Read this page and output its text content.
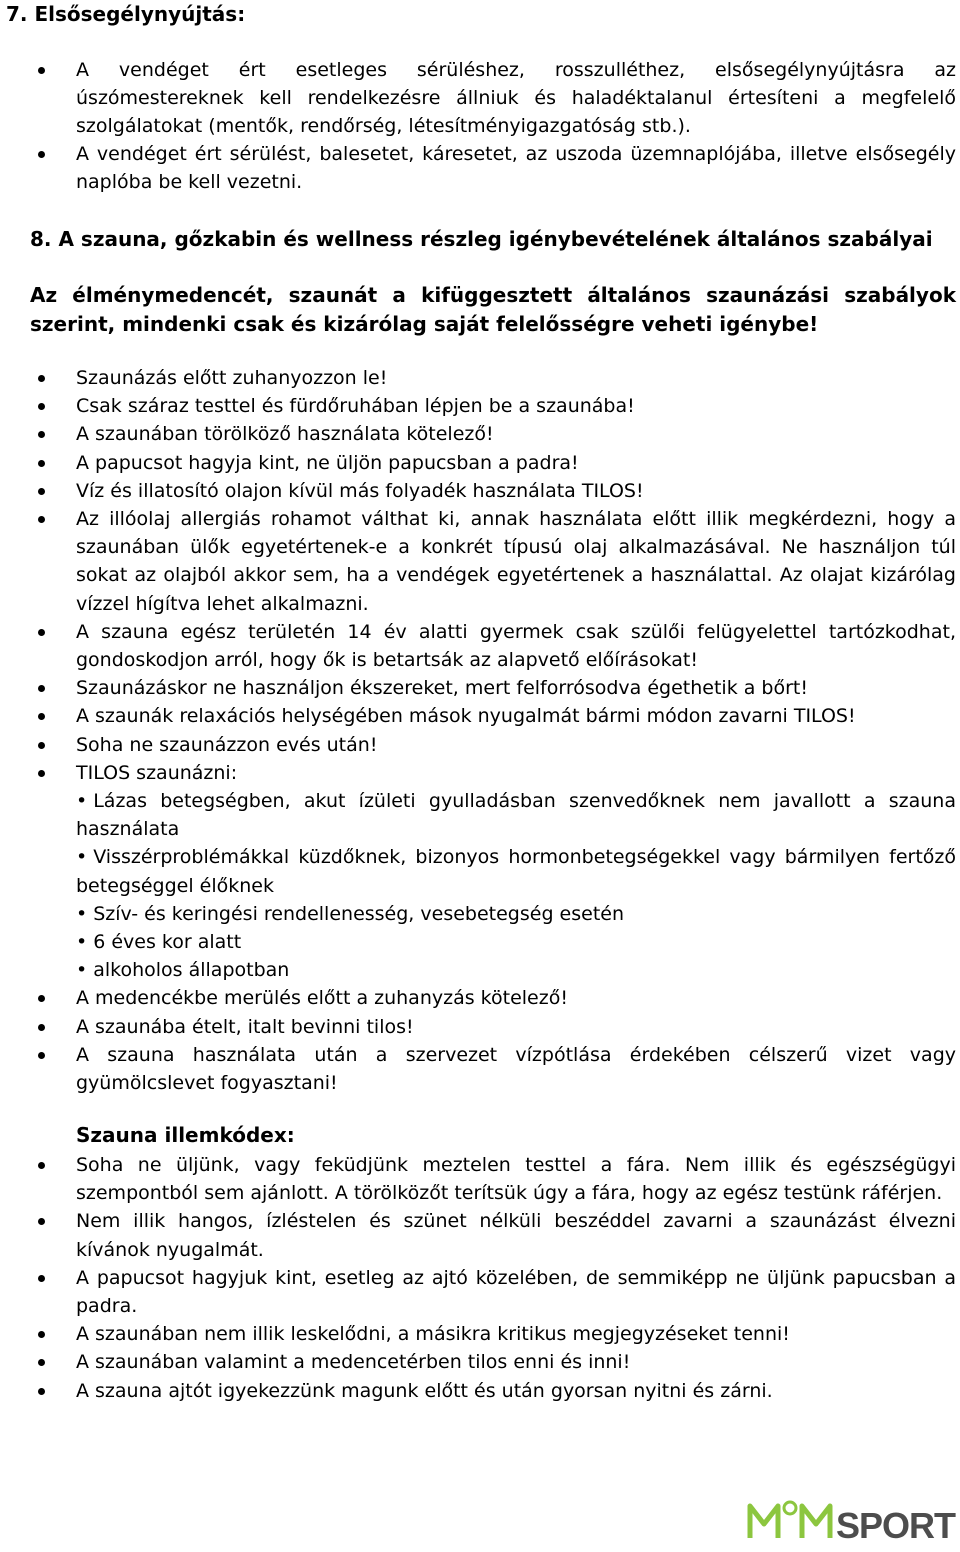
7. Elsősegélynyújtás:
A vendéget ért esetleges sérüléshez, rosszulléthez, elsősegélynyújtásra az úszómestereknek kell rendelkezésre állniuk és haladéktalanul értesíteni a megfelelő szolgálatokat (mentők, rendőrség, létesítményigazgatóság stb.).
A vendéget ért sérülést, balesetet, káresetet, az uszoda üzemnaplójába, illetve elsősegély naplóba be kell vezetni.
8. A szauna, gőzkabin és wellness részleg igénybevételének általános szabályai
Az élménymedencét, szaunát a kifüggesztett általános szaunázási szabályok szerint, mindenki csak és kizárólag saját felelősségre veheti igénybe!
Szaunázás előtt zuhanyozzon le!
Csak száraz testtel és fürdőruhában lépjen be a szaunába!
A szaunában törölköző használata kötelező!
A papucsot hagyja kint, ne üljön papucsban a padra!
Víz és illatosító olajon kívül más folyadék használata TILOS!
Az illóolaj allergiás rohamot válthat ki, annak használata előtt illik megkérdezni, hogy a szaunában ülők egyetértenek-e a konkrét típusú olaj alkalmazásával. Ne használjon túl sokat az olajból akkor sem, ha a vendégek egyetértenek a használattal. Az olajat kizárólag vízzel hígítva lehet alkalmazni.
A szauna egész területén 14 év alatti gyermek csak szülői felügyelettel tartózkodhat, gondoskodjon arról, hogy ők is betartsák az alapvető előírásokat!
Szaunázáskor ne használjon ékszereket, mert felforrósodva égethetik a bőrt!
A szaunák relaxációs helységében mások nyugalmát bármi módon zavarni TILOS!
Soha ne szaunázzon evés után!
TILOS szaunázni:
• Lázas betegségben, akut ízületi gyulladásban szenvedőknek nem javallott a szauna használata
• Visszérproblémákkal küzdőknek, bizonyos hormonbetegségekkel vagy bármilyen fertőző betegséggel élőknek
• Szív- és keringési rendellenesség, vesebetegség esetén
• 6 éves kor alatt
• alkoholos állapotban
A medencékbe merülés előtt a zuhanyzás kötelező!
A szaunába ételt, italt bevinni tilos!
A szauna használata után a szervezet vízpótlása érdekében célszerű vizet vagy gyümölcslevet fogyasztani!
Szauna illemkódex:
Soha ne üljünk, vagy feküdjünk meztelen testtel a fára. Nem illik és egészségügyi szempontból sem ajánlott. A törölközőt terítsük úgy a fára, hogy az egész testünk ráférjen.
Nem illik hangos, ízléstelen és szünet nélküli beszéddel zavarni a szaunázást élvezni kívánok nyugalmát.
A papucsot hagyjuk kint, esetleg az ajtó közelében, de semmiképp ne üljünk papucsban a padra.
A szaunában nem illik leskelődni, a másikra kritikus megjegyzéseket tenni!
A szaunában valamint a medencetérben tilos enni és inni!
A szauna ajtót igyekezzünk magunk előtt és után gyorsan nyitni és zárni.
SPORT
